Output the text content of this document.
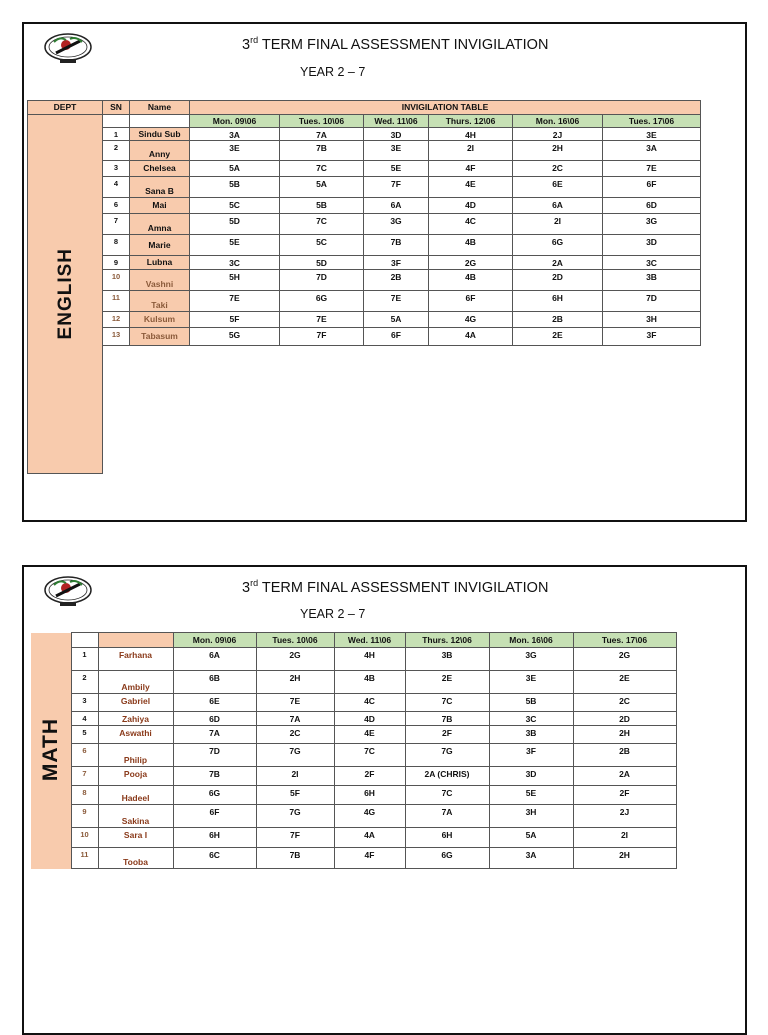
3rd TERM FINAL ASSESSMENT INVIGILATION
YEAR 2 – 7
DEPT	SN	Name	INVIGILATION TABLE					
ENGLISH			Mon. 09\06	Tues. 10\06	Wed. 11\06	Thurs. 12\06	Mon. 16\06	Tues. 17\06
	1	Sindu Sub	3A	7A	3D	4H	2J	3E
	2	Anny	3E	7B	3E	2I	2H	3A
	3	Chelsea	5A	7C	5E	4F	2C	7E
	4	Sana B	5B	5A	7F	4E	6E	6F
	6	Mai	5C	5B	6A	4D	6A	6D
	7	Amna	5D	7C	3G	4C	2I	3G
	8	Marie	5E	5C	7B	4B	6G	3D
	9	Lubna	3C	5D	3F	2G	2A	3C
	10	Vashni	5H	7D	2B	4B	2D	3B
	11	Taki	7E	6G	7E	6F	6H	7D
	12	Kulsum	5F	7E	5A	4G	2B	3H
	13	Tabasum	5G	7F	6F	4A	2E	3F

3rd TERM FINAL ASSESSMENT INVIGILATION
YEAR 2 – 7
MATH			Mon. 09\06	Tues. 10\06	Wed. 11\06	Thurs. 12\06	Mon. 16\06	Tues. 17\06
	1	Farhana	6A	2G	4H	3B	3G	2G
	2	Ambily	6B	2H	4B	2E	3E	2E
	3	Gabriel	6E	7E	4C	7C	5B	2C
	4	Zahiya	6D	7A	4D	7B	3C	2D
	5	Aswathi	7A	2C	4E	2F	3B	2H
	6	Philip	7D	7G	7C	7G	3F	2B
	7	Pooja	7B	2I	2F	2A (CHRIS)	3D	2A
	8	Hadeel	6G	5F	6H	7C	5E	2F
	9	Sakina	6F	7G	4G	7A	3H	2J
	10	Sara I	6H	7F	4A	6H	5A	2I
	11	Tooba	6C	7B	4F	6G	3A	2H
